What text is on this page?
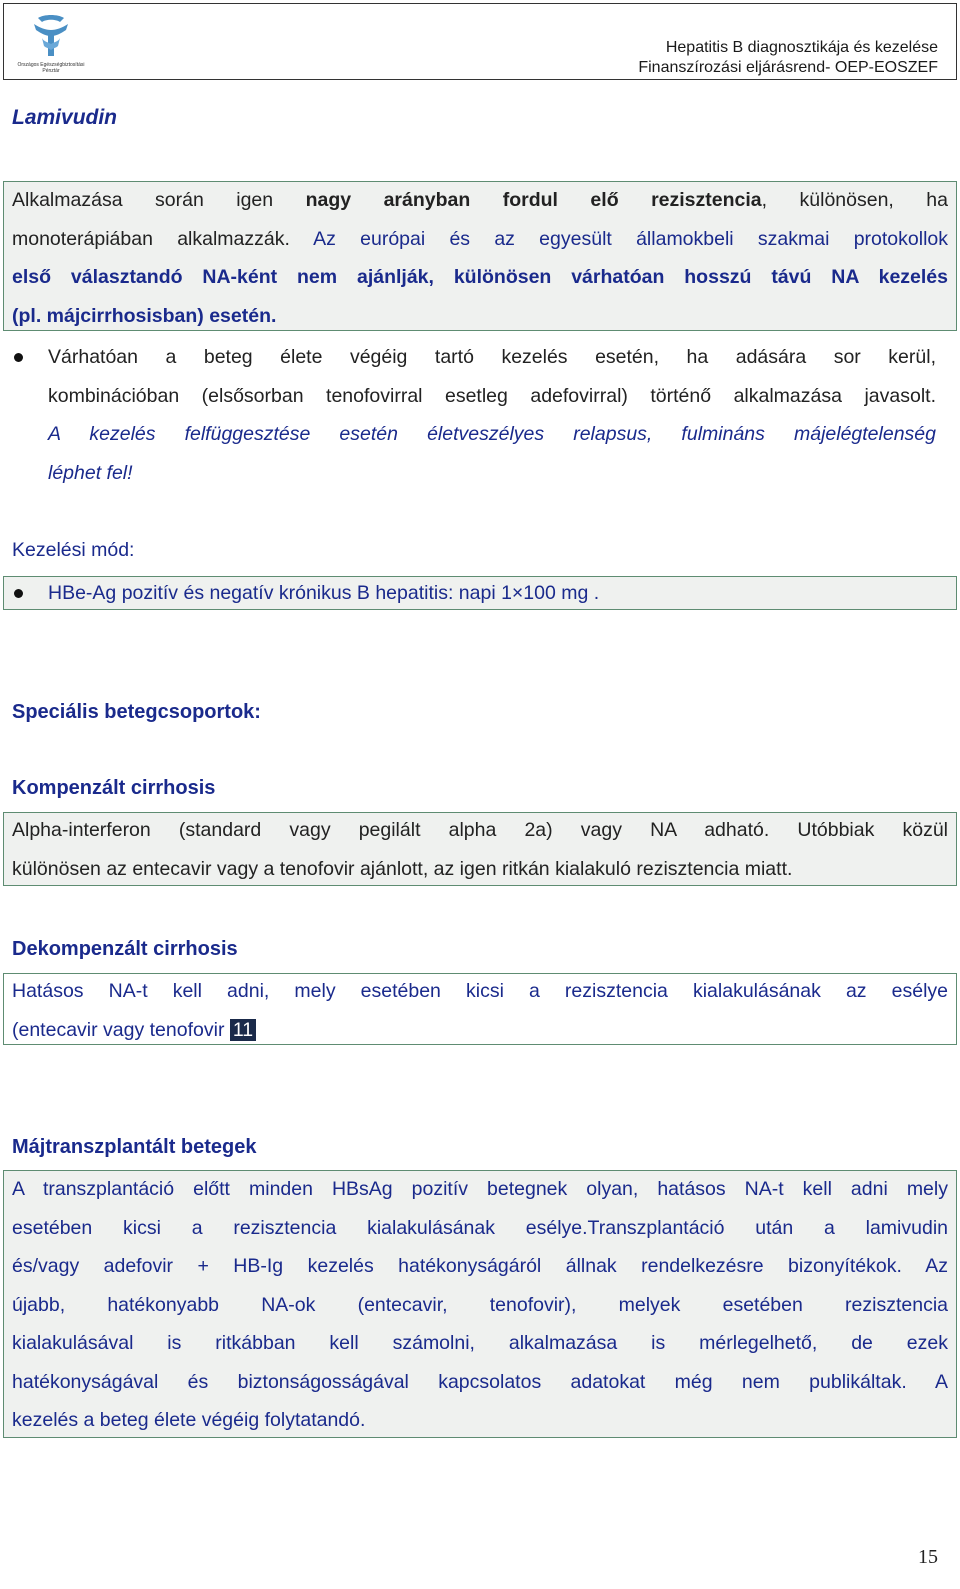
Országos Egészségbiztosítási Pénztár
Hepatitis B diagnosztikája és kezelése
Finanszírozási eljárásrend- OEP-EOSZEF
Lamivudin
Alkalmazása során igen nagy arányban fordul elő rezisztencia, különösen, ha
monoterápiában alkalmazzák. Az európai és az egyesült államokbeli szakmai protokollok
első választandó NA-ként nem ajánlják, különösen várhatóan hosszú távú NA kezelés
(pl. májcirrhosisban) esetén.
Várhatóan a beteg élete végéig tartó kezelés esetén, ha adására sor kerül,
kombinációban (elsősorban tenofovirral esetleg adefovirral) történő alkalmazása javasolt.
A kezelés felfüggesztése esetén életveszélyes relapsus, fulmináns májelégtelenség
léphet fel!
Kezelési mód:
HBe-Ag pozitív és negatív krónikus B hepatitis: napi 1×100 mg .
Speciális betegcsoportok:
Kompenzált cirrhosis
Alpha-interferon (standard vagy pegilált alpha 2a) vagy NA adható. Utóbbiak közül
különösen az entecavir vagy a tenofovir ajánlott, az igen ritkán kialakuló rezisztencia miatt.
Dekompenzált cirrhosis
Hatásos NA-t kell adni, mely esetében kicsi a rezisztencia kialakulásának az esélye
(entecavir vagy tenofovir 11
Májtranszplantált betegek
A transzplantáció előtt minden HBsAg pozitív betegnek olyan, hatásos NA-t kell adni mely
esetében kicsi a rezisztencia kialakulásának esélye.Transzplantáció után a lamivudin
és/vagy adefovir + HB-Ig kezelés hatékonyságáról állnak rendelkezésre bizonyítékok. Az
újabb, hatékonyabb NA-ok (entecavir, tenofovir), melyek esetében rezisztencia
kialakulásával is ritkábban kell számolni, alkalmazása is mérlegelhető, de ezek
hatékonyságával és biztonságosságával kapcsolatos adatokat még nem publikáltak. A
kezelés a beteg élete végéig folytatandó.
15
